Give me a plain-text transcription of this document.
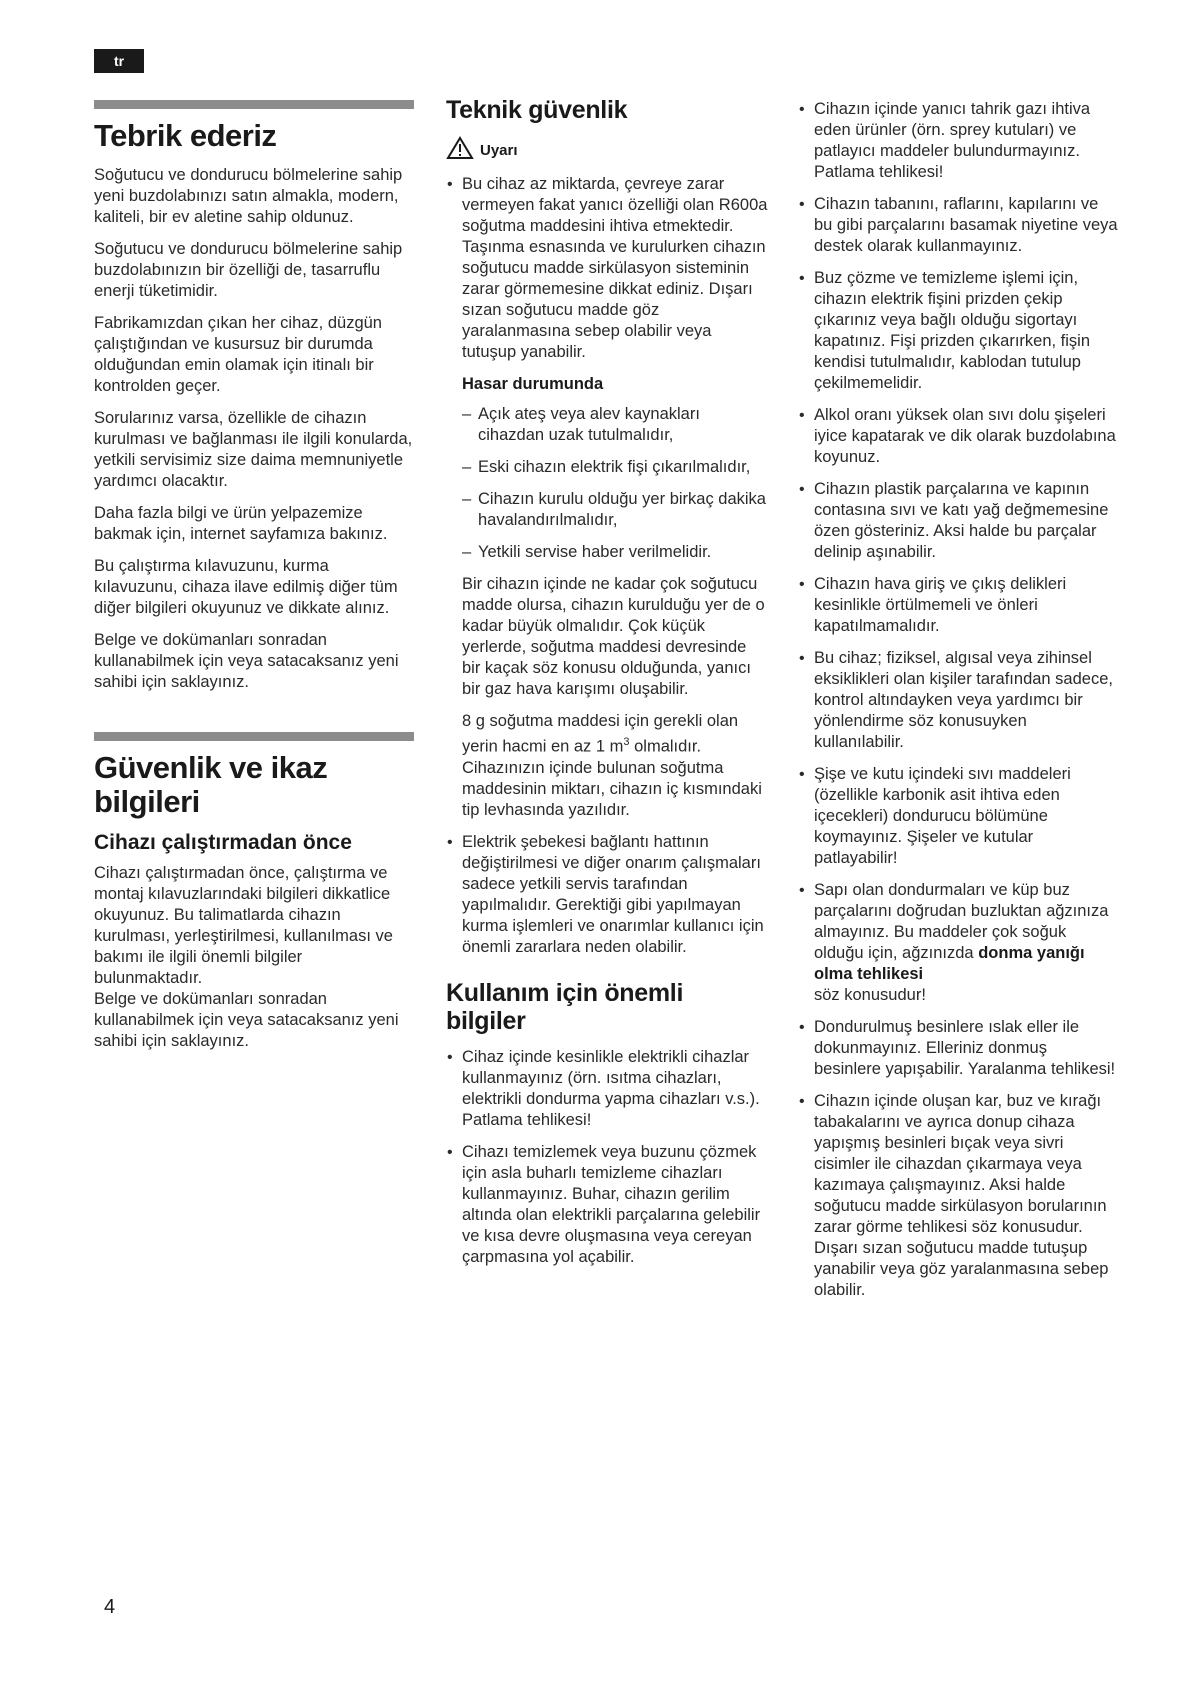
tr
Tebrik ederiz

Soğutucu ve dondurucu bölmelerine sahip yeni buzdolabınızı satın almakla, modern, kaliteli, bir ev aletine sahip oldunuz.

Soğutucu ve dondurucu bölmelerine sahip buzdolabınızın bir özelliği de, tasarruflu enerji tüketimidir.

Fabrikamızdan çıkan her cihaz, düzgün çalıştığından ve kusursuz bir durumda olduğundan emin olamak için itinalı bir kontrolden geçer.

Sorularınız varsa, özellikle de cihazın kurulması ve bağlanması ile ilgili konularda, yetkili servisimiz size daima memnuniyetle yardımcı olacaktır.

Daha fazla bilgi ve ürün yelpazemize bakmak için, internet sayfamıza bakınız.

Bu çalıştırma kılavuzunu, kurma kılavuzunu, cihaza ilave edilmiş diğer tüm diğer bilgileri okuyunuz ve dikkate alınız.

Belge ve dokümanları sonradan kullanabilmek için veya satacaksanız yeni sahibi için saklayınız.

Güvenlik ve ikaz bilgileri
Cihazı çalıştırmadan önce

Cihazı çalıştırmadan önce, çalıştırma ve montaj kılavuzlarındaki bilgileri dikkatlice okuyunuz. Bu talimatlarda cihazın kurulması, yerleştirilmesi, kullanılması ve bakımı ile ilgili önemli bilgiler bulunmaktadır.

Belge ve dokümanları sonradan kullanabilmek için veya satacaksanız yeni sahibi için saklayınız.

Teknik güvenlik
Uyarı
• Bu cihaz az miktarda, çevreye zarar vermeyen fakat yanıcı özelliği olan R600a soğutma maddesini ihtiva etmektedir. Taşınma esnasında ve kurulurken cihazın soğutucu madde sirkülasyon sisteminin zarar görmemesine dikkat ediniz. Dışarı sızan soğutucu madde göz yaralanmasına sebep olabilir veya tutuşup yanabilir.
Hasar durumunda
– Açık ateş veya alev kaynakları cihazdan uzak tutulmalıdır,
– Eski cihazın elektrik fişi çıkarılmalıdır,
– Cihazın kurulu olduğu yer birkaç dakika havalandırılmalıdır,
– Yetkili servise haber verilmelidir.

Bir cihazın içinde ne kadar çok soğutucu madde olursa, cihazın kurulduğu yer de o kadar büyük olmalıdır. Çok küçük yerlerde, soğutma maddesi devresinde bir kaçak söz konusu olduğunda, yanıcı bir gaz hava karışımı oluşabilir.

8 g soğutma maddesi için gerekli olan yerin hacmi en az 1 $m^3$ olmalıdır. Cihazınızın içinde bulunan soğutma maddesinin miktarı, cihazın iç kısmındaki tip levhasında yazılıdır.

• Elektrik şebekesi bağlantı hattının değiştirilmesi ve diğer onarım çalışmaları sadece yetkili servis tarafından yapılmalıdır. Gerektiği gibi yapılmayan kurma işlemleri ve onarımlar kullanıcı için önemli zararlara neden olabilir.
Kullanım için önemli bilgiler
• Cihaz içinde kesinlikle elektrikli cihazlar kullanmayınız (örn. ısıtma cihazları, elektrikli dondurma yapma cihazları v.s.). Patlama tehlikesi!
• Cihazı temizlemek veya buzunu çözmek için asla buharlı temizleme cihazları kullanmayınız. Buhar, cihazın gerilim altında olan elektrikli parçalarına gelebilir ve kısa devre oluşmasına veya cereyan çarpmasına yol açabilir.
• Cihazın içinde yanıcı tahrik gazı ihtiva eden ürünler (örn. sprey kutuları) ve patlayıcı maddeler bulundurmayınız. Patlama tehlikesi!
• Cihazın tabanını, raflarını, kapılarını ve bu gibi parçalarını basamak niyetine veya destek olarak kullanmayınız.
• Buz çözme ve temizleme işlemi için, cihazın elektrik fişini prizden çekip çıkarınız veya bağlı olduğu sigortayı kapatınız. Fişi prizden çıkarırken, fişin kendisi tutulmalıdır, kablodan tutulup çekilmemelidir.
• Alkol oranı yüksek olan sıvı dolu şişeleri iyice kapatarak ve dik olarak buzdolabına koyunuz.
• Cihazın plastik parçalarına ve kapının contasına sıvı ve katı yağ değmemesine özen gösteriniz. Aksi halde bu parçalar delinip aşınabilir.
• Cihazın hava giriş ve çıkış delikleri kesinlikle örtülmemeli ve önleri kapatılmamalıdır.
• Bu cihaz; fiziksel, algısal veya zihinsel eksiklikleri olan kişiler tarafından sadece, kontrol altındayken veya yardımcı bir yönlendirme söz konusuyken kullanılabilir.
• Şişe ve kutu içindeki sıvı maddeleri (özellikle karbonik asit ihtiva eden içecekleri) dondurucu bölümüne koymayınız. Şişeler ve kutular patlayabilir!
• Sapı olan dondurmaları ve küp buz parçalarını doğrudan buzluktan ağzınıza almayınız. Bu maddeler çok soğuk olduğu için, ağzınızda donma yanığı olma tehlikesi
söz konusudur!
• Dondurulmuş besinlere ıslak eller ile dokunmayınız. Elleriniz donmuş besinlere yapışabilir. Yaralanma tehlikesi!
• Cihazın içinde oluşan kar, buz ve kırağı tabakalarını ve ayrıca donup cihaza yapışmış besinleri bıçak veya sivri cisimler ile cihazdan çıkarmaya veya kazımaya çalışmayınız. Aksi halde soğutucu madde sirkülasyon borularının zarar görme tehlikesi söz konusudur. Dışarı sızan soğutucu madde tutuşup yanabilir veya göz yaralanmasına sebep olabilir.
4
